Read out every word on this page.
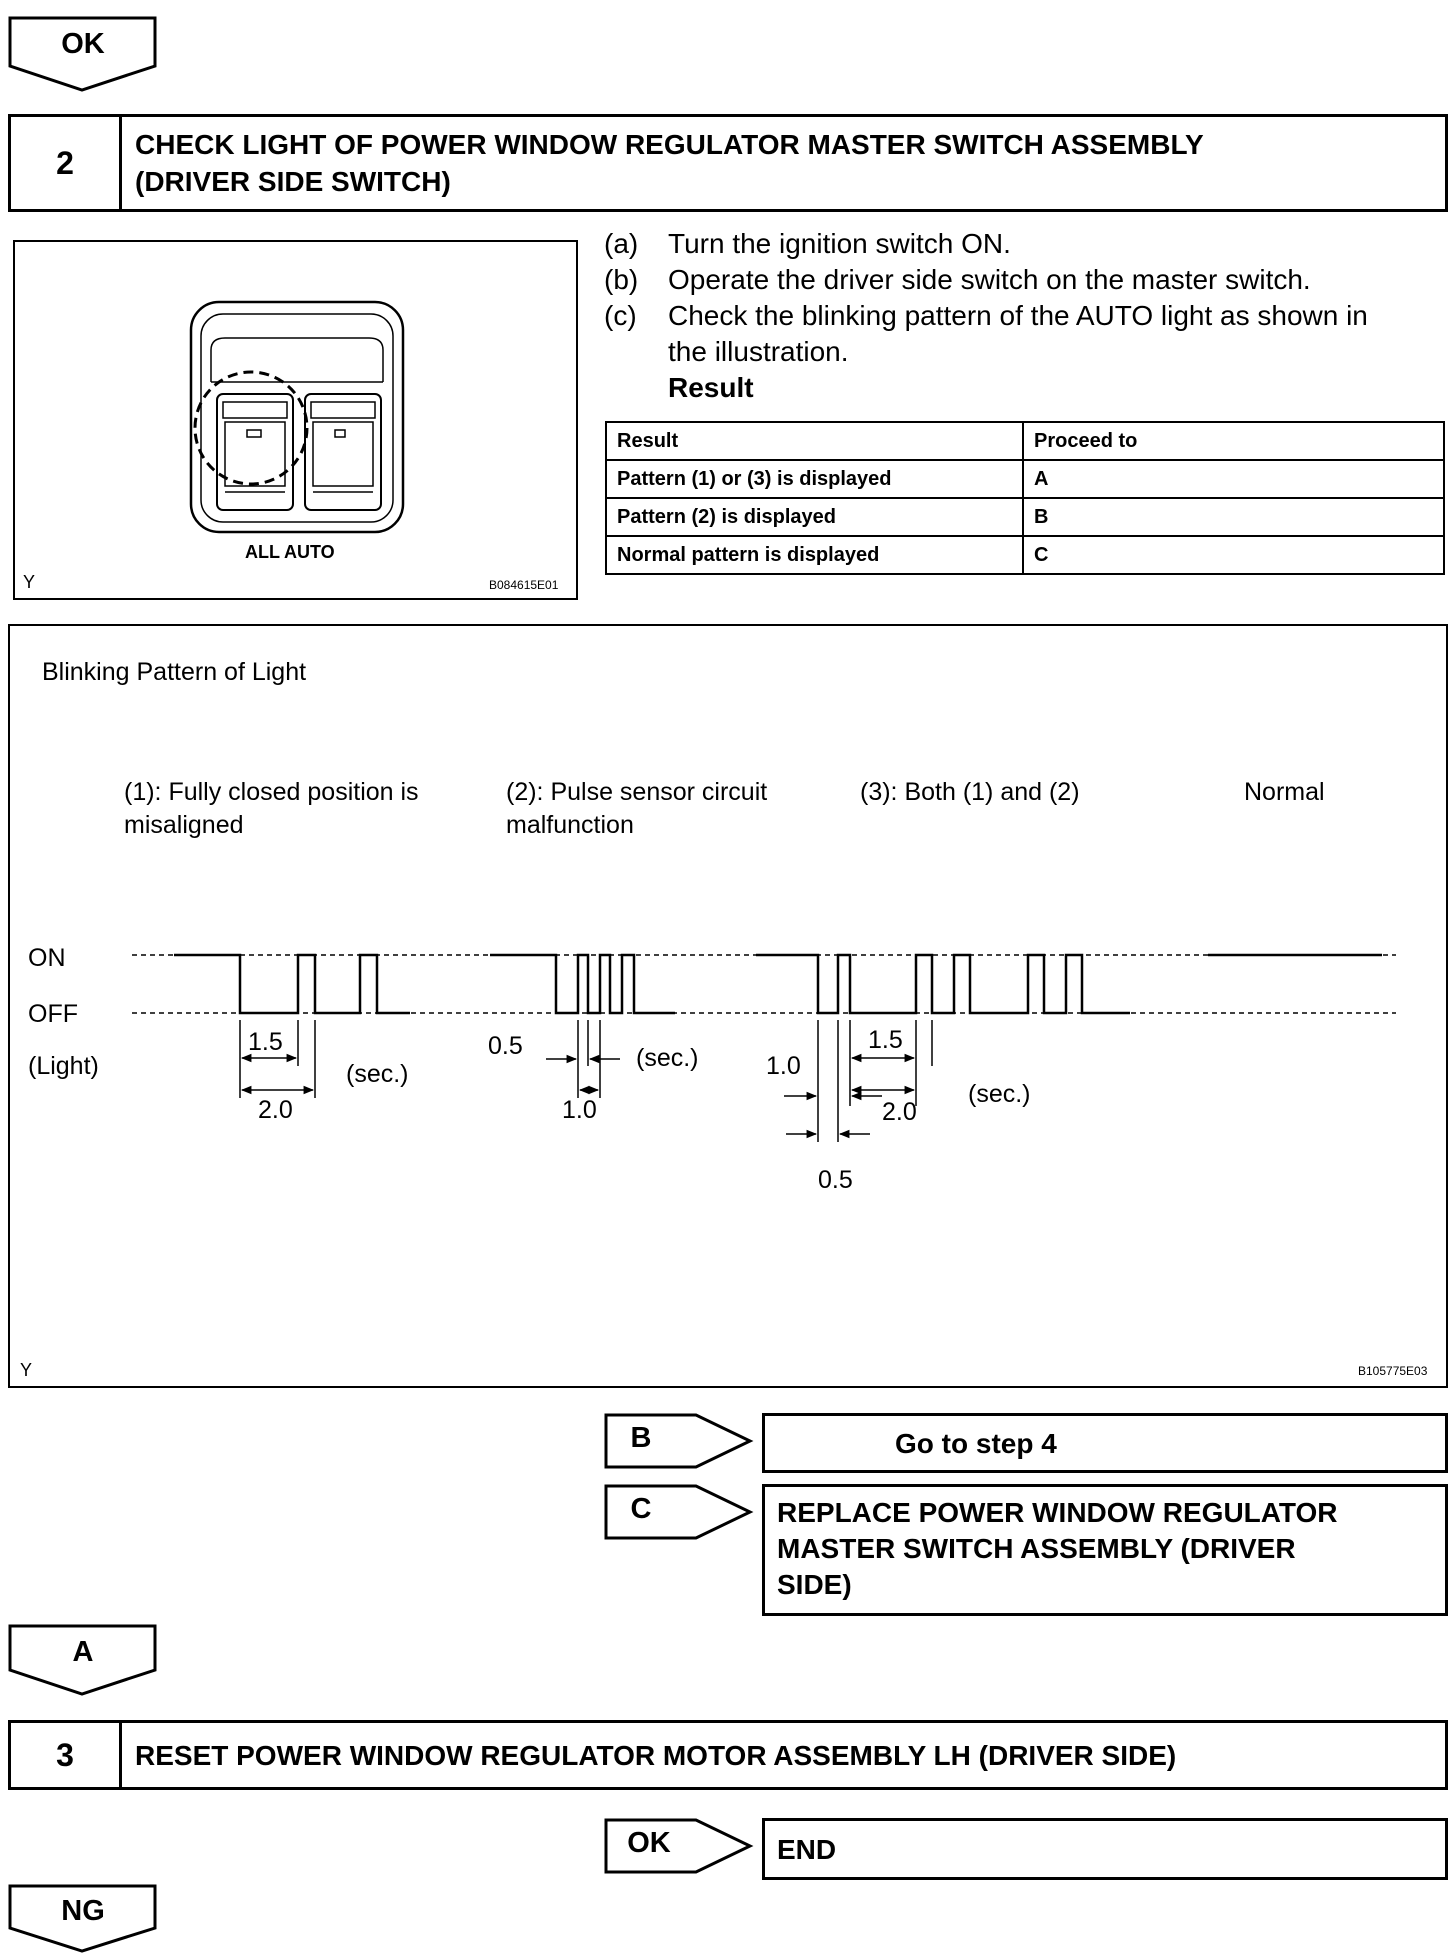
OK
2	CHECK LIGHT OF POWER WINDOW REGULATOR MASTER SWITCH ASSEMBLY
(DRIVER SIDE SWITCH)
ALL AUTO
Y	B084615E01
(a) Turn the ignition switch ON.
(b) Operate the driver side switch on the master switch.
(c) Check the blinking pattern of the AUTO light as shown in
the illustration.
Result
Result	Proceed to
Pattern (1) or (3) is displayed	A
Pattern (2) is displayed	B
Normal pattern is displayed	C
Blinking Pattern of Light
(1): Fully closed position is
misaligned
(2): Pulse sensor circuit
malfunction
(3): Both (1) and (2)	Normal
ON
OFF
(Light)
1.5
2.0
(sec.)
0.5
1.0
(sec.)	1.0
1.5
2.0
0.5
(sec.)
Y	B105775E03
B	Go to step 4
C	REPLACE POWER WINDOW REGULATOR
MASTER SWITCH ASSEMBLY (DRIVER
SIDE)
A
3	RESET POWER WINDOW REGULATOR MOTOR ASSEMBLY LH (DRIVER SIDE)
OK	END
NG
